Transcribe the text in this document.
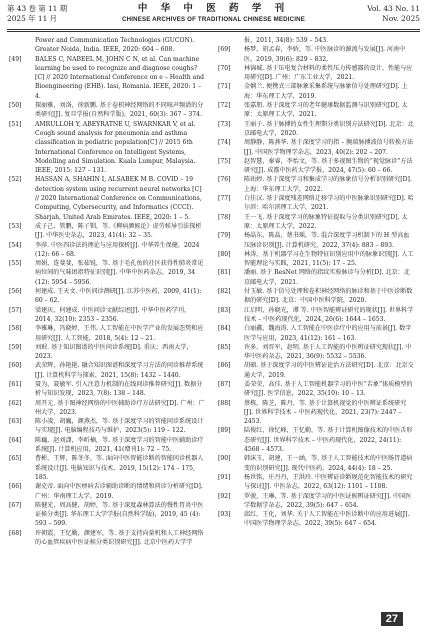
第 43 卷 第 11 期
2025 年 11 月
中 华 中 医 药 学 刊
CHINESE ARCHIVES OF TRADITIONAL CHINESE MEDICINE
Vol. 43 No. 11
Nov. 2025
Power and Communication Technologies (GUCON). Greater Noida, India. IEEE, 2020: 604 – 608.
[49] BALES C, NABEEL M, JOHN C N, et al. Can machine learning be used to recognize and diagnose coughs? [C] // 2020 International Conference on e – Health and Bioengineering (EHB). Iasi, Romania. IEEE, 2020: 1 – 4.
[50] 探丽雅，刘洛，徐新鹏. 基于卷积神经网络的不同咳声频谱的分类研究[J]. 复旦学报(自然科学版)，2021, 60(3): 367 – 374.
[51] AMRULLOH Y, ABEYRATNE U, SWARNKAR V, et al. Cough sound analysis for pneumonia and asthma classification in pediatric population[C] // 2015 6th International Conference on Intelligent Systems, Modelling and Simulation. Kuala Lumpur, Malaysia. IEEE, 2015: 127 – 131.
[52] HASSAN A, SHAHIN I, ALSABEK M B. COVID – 19 detection system using recurrent neural networks [C] // 2020 International Conference on Communications, Computing, Cybersecurity, and Informatics (CCCI). Sharjah, United Arab Emirates. IEEE, 2020: 1 – 5.
[53] 成子己，管鹏，陈子钏，等.《柳病颜候论》虚劳候导引法探析[J]. 中华医史杂志，2023, 41(4): 32 – 35.
[54] 李萍. 中医四诊法的理论与应用探析[J]. 中华养生保健，2024 (12): 66 – 68.
[55] 周娟，连斐斐，张茹锐，等. 基于毛孔鱼的社区获得性肺炎常见病位间的气味团指特征识别[J]. 中华中医药杂志，2019, 34 (12): 5954 – 5956.
[56] 何建成. 王天文. 中医问诊测研[J]. 江苏中医药，2009, 41(1): 60 – 62.
[57] 梁建庆，何建成. 中医问诊文献综述[J]. 中华中医药学刊，2014, 32(10): 2353 – 2356.
[58] 李雅琳，冯晓婷，王伟. 人工智能在中医学产业的发展态势和应用研究[J]. 人工智能，2018, 5(4): 12 – 21.
[59] 刘珉. 基于知识图谱的中医问诊系统[D]. 重庆：西南大学，2023.
[60] 武荣辉，孙艳艳. 融合知识图谱和深度学习方法的问诊推荐系统[J]. 计算机科学与探索，2021, 15(8): 1432 – 1440.
[61] 聂为，聂敏军. 引入注意力机制的在线问诊推荐研究[J]. 数据分析与知识发现，2023, 7(8): 138 – 148.
[62] 周开元. 基于图神经网络的中医辅助诊疗方法研究[D]. 广州：广州大学，2023.
[63] 陈小凌，胡巍，颜燕杰，等. 基于深度学习的智能问诊系统设计与实现[J]. 电脑编程技巧与维护，2023(5): 119 – 122.
[64] 陈巍，赵刘潇，李昕楠，等. 基于深度学习的智能中医辅助诊疗系统[J]. 计算机应用，2021, 41(增刊1): 72 – 75.
[65] 曹彬，王辉，陈冬冬，等. 面向中医智能诊断的智能问诊机器人系统设计[J]. 电脑知识与技术，2019, 15(12): 174 – 175, 185.
[66] 谢克帝. 面向中医痹病舌诊辅助诊断的情绪和问诊分析研究[D]. 广州：华南理工大学，2019.
[67] 陈健光，周高健，胡婷，等. 基于深度森林算法的慢性胃炎中医证候分类[J]. 华东理工大学学报(自然科学版)，2019, 45 (4): 593 – 599.
[68] 许朝霞，王忆勤，颜建军，等. 基于支持向量机和人工神经网络的心血管疾病中医证候分类识别研究[J]. 北京中医药大学学
报，2011, 34(8): 539 – 543.
[69] 杨梦，胡孟春，李娇，等. 中医脉诊的源流与发展[J]. 河南中医，2019, 39(6): 829 – 832.
[70] 林锦城. 基于压电复合材料的柔性压力传感器的设计、性能与应用研究[D]. 广州：广东工业大学，2021.
[71] 金娴兰. 便携式三部脉象采集系统与脉象信号处理研究[D]. 上海：华东理工大学，2019.
[72] 张嘉朋. 基于深度学习的老年健康数据监测与识别研究[D]. 太原：太原理工大学，2021.
[73] 王丽子. 基于脉搏的女性生理期分类识别方法研究[D]. 北京：北京邮电大学，2020.
[74] 周静静，陈燕华. 基于深度学习的指 – 腕端脉搏波信号转换方法[J]. 中国医学物理学杂志，2023, 40(2): 202 – 207.
[75] 赵智慧，秦睿，李怡文，等. 基于多视图生物的“视觉脉诊”方法研究[J]. 成都中医药大学学报，2024, 47(5): 60 – 66.
[76] 陈祐婷. 基于深度学习和集成学习的脉象信号分析识别研究[D]. 上海：华东理工大学，2022.
[77] 白佳汉. 基于深度残差网络迁移学习的中医脉象识别研究[D]. 哈尔滨：哈尔滨理工大学，2021.
[78] 王一飞. 基于深度学习的脉象特征提取与分类识别研究[D]. 太原：太原理工大学，2022.
[79] 杨晶东，陈晶，蔡书瑶，等. 混合深度学习机制下的 H 型高血压脉诊识别[J]. 计算机研究，2022, 37(4): 883 – 893.
[80] 林涛，基于机器学习在生物特征识别应用中的脉象识别[J]. 人工智能理论与实践，2021, 11(5): 17 – 25.
[81] 潘丽. 基于 ResNet 网络的指纹实验脉诊与分析[D]. 北京：北京邮电大学，2021.
[82] 付玉敏. 基于信号处理和卷积神经网络的脉诊和基于中医诊断数据的研究[D]. 北京：中国中医科学院，2020.
[83] 江启明，孙晓光，谭 等. 中医智能辨证研究的现状[J]. 世界科学技术 – 中医药现代化，2024, 26(6): 1644 – 1653.
[84] 白丽鑫，魏海涛. 人工智能在中医诊疗中的应用与前景[J]. 数字医学与应用，2023, 41(12): 161 – 163.
[85] 许多，刘晋军，赵明. 基于人工智能的中医辨证研究现状[J]. 中华中医药杂志，2021, 36(9): 5532 – 5536.
[86] 胡硕. 基于深度学习的中医辨证论治方法研究[D]. 北京：北京交通大学，2019.
[87] 姜荣荣，高佳. 基于人工智能机器学习的中医“舌象”体质模型的研究[J]. 医学信息，2022, 35(10): 10 – 13.
[88] 蔡栋，陈芝，陈丹，等. 基于计算机视觉的中医辨证系统研究[J]. 世界科学技术 – 中医药现代化，2021, 23(7): 2447 – 2453.
[89] 陆俊红，徐忆峰，王忆勤，等. 基于计算机图像技术的中医舌形态研究[J]. 世界科学技术 – 中医药现代化，2022, 24(11): 4568 – 4573.
[90] 韩沫玉，胡建，王一涵，等. 基于人工智能技术的中医肠胃道病变的识别研究[J]. 现代中医药，2024, 44(4): 18 – 25.
[91] 杨世铭，庄丹丹，王洪玲. 中医辨证诊断规范化智能技术的研究与探讨[J]. 中医杂志，2022, 63(12): 1101 – 1108.
[92] 罗骏，王琳，等. 基于深度学习的中医证候辨证研究[J]. 中国医学数据学杂志，2022, 39(5): 647 – 654.
[93] 邱红，王化，刘华. 关于人工智能在中医诊断中的应用进展[J]. 中国医学物理学杂志，2022, 39(5): 647 – 654.
27
